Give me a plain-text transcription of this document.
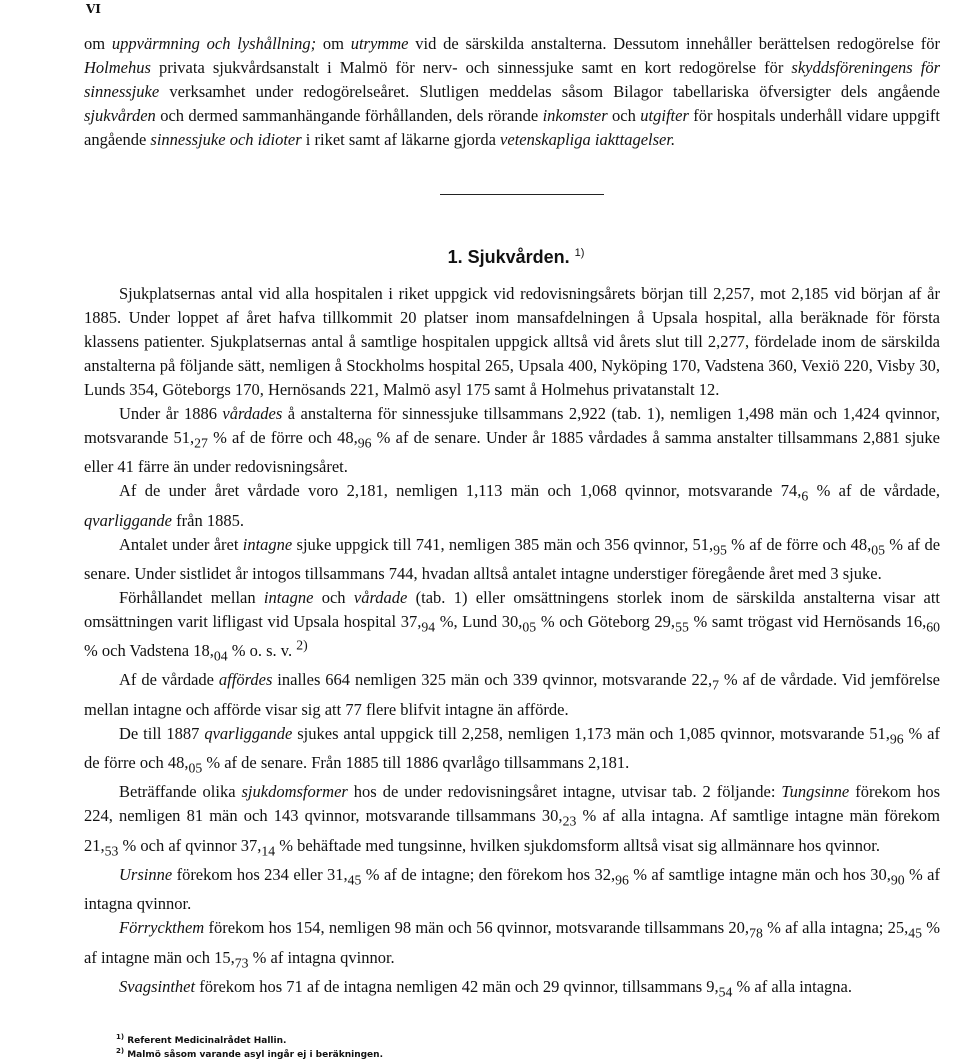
VI

om uppvärmning och lyshållning; om utrymme vid de särskilda anstalterna. Dessutom innehåller berättelsen redogörelse för Holmehus privata sjukvårdsanstalt i Malmö för nerv- och sinnessjuke samt en kort redogörelse för skyddsföreningens för sinnessjuke verksamhet under redogörelseåret. Slutligen meddelas såsom Bilagor tabellariska öfversigter dels angående sjukvården och dermed sammanhängande förhållanden, dels rörande inkomster och utgifter för hospitals underhåll vidare uppgift angående sinnessjuke och idioter i riket samt af läkarne gjorda vetenskapliga iakttagelser.

1. Sjukvården. $^{1)}$

Sjukplatsernas antal vid alla hospitalen i riket uppgick vid redovisningsårets början till 2,257, mot 2,185 vid början af år 1885. Under loppet af året hafva tillkommit 20 platser inom mansafdelningen å Upsala hospital, alla beräknade för första klassens patienter. Sjukplatsernas antal å samtlige hospitalen uppgick alltså vid årets slut till 2,277, fördelade inom de särskilda anstalterna på följande sätt, nemligen å Stockholms hospital 265, Upsala 400, Nyköping 170, Vadstena 360, Vexiö 220, Visby 30, Lunds 354, Göteborgs 170, Hernösands 221, Malmö asyl 175 samt å Holmehus privatanstalt 12.

Under år 1886 vårdades å anstalterna för sinnessjuke tillsammans 2,922 (tab. 1), nemligen 1,498 män och 1,424 qvinnor, motsvarande $51,_{27}$ % af de förre och $48,_{96}$ % af de senare. Under år 1885 vårdades å samma anstalter tillsammans 2,881 sjuke eller 41 färre än under redovisningsåret.

Af de under året vårdade voro 2,181, nemligen 1,113 män och 1,068 qvinnor, motsvarande $74,_6$ % af de vårdade, qvarliggande från 1885.

Antalet under året intagne sjuke uppgick till 741, nemligen 385 män och 356 qvinnor, $51,_{95}$ % af de förre och $48,_{05}$ % af de senare. Under sistlidet år intogos tillsammans 744, hvadan alltså antalet intagne understiger föregående året med 3 sjuke.

Förhållandet mellan intagne och vårdade (tab. 1) eller omsättningens storlek inom de särskilda anstalterna visar att omsättningen varit lifligast vid Upsala hospital $37,_{94}$ %, Lund $30,_{05}$ % och Göteborg $29,_{55}$ % samt trögast vid Hernösands $16,_{60}$ % och Vadstena $18,_{04}$ % o. s. v. $^{2)}$

Af de vårdade affördes inalles 664 nemligen 325 män och 339 qvinnor, motsvarande $22,_7$ % af de vårdade. Vid jemförelse mellan intagne och afförde visar sig att 77 flere blifvit intagne än afförde.

De till 1887 qvarliggande sjukes antal uppgick till 2,258, nemligen 1,173 män och 1,085 qvinnor, motsvarande $51,_{96}$ % af de förre och $48,_{05}$ % af de senare. Från 1885 till 1886 qvarlågo tillsammans 2,181.

Beträffande olika sjukdomsformer hos de under redovisningsåret intagne, utvisar tab. 2 följande: Tungsinne förekom hos 224, nemligen 81 män och 143 qvinnor, motsvarande tillsammans $30,_{23}$ % af alla intagna. Af samtlige intagne män förekom $21,_{53}$ % och af qvinnor $37,_{14}$ % behäftade med tungsinne, hvilken sjukdomsform alltså visat sig allmännare hos qvinnor.

Ursinne förekom hos 234 eller $31,_{45}$ % af de intagne; den förekom hos $32,_{96}$ % af samtlige intagne män och hos $30,_{90}$ % af intagna qvinnor.

Förrycktheт förekom hos 154, nemligen 98 män och 56 qvinnor, motsvarande tillsammans $20,_{78}$ % af alla intagna; $25,_{45}$ % af intagne män och $15,_{73}$ % af intagna qvinnor.

Svagsinthet förekom hos 71 af de intagna nemligen 42 män och 29 qvinnor, tillsammans $9,_{54}$ % af alla intagna.

$^{1)}$ Referent Medicinalrådet Hallin.
$^{2)}$ Malmö såsom varande asyl ingår ej i beräkningen.
